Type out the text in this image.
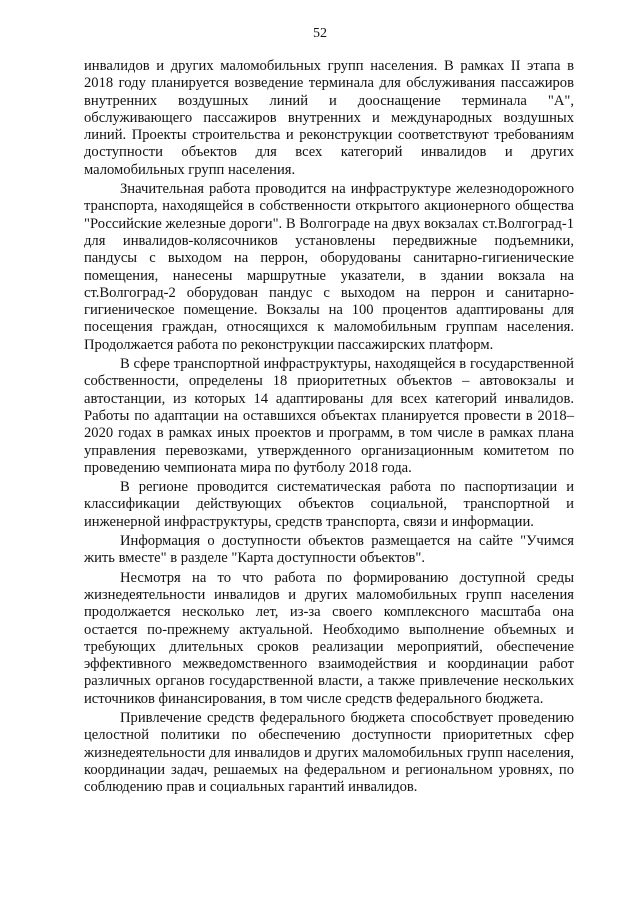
52

инвалидов и других маломобильных групп населения. В рамках II этапа в 2018 году планируется возведение терминала для обслуживания пассажиров внутренних воздушных линий и дооснащение терминала "А", обслуживающего пассажиров внутренних и международных воздушных линий. Проекты строительства и реконструкции соответствуют требованиям доступности объектов для всех категорий инвалидов и других маломобильных групп населения.

Значительная работа проводится на инфраструктуре железнодорожного транспорта, находящейся в собственности открытого акционерного общества "Российские железные дороги". В Волгограде на двух вокзалах ст.Волгоград-1 для инвалидов-колясочников установлены передвижные подъемники, пандусы с выходом на перрон, оборудованы санитарно-гигиенические помещения, нанесены маршрутные указатели, в здании вокзала на ст.Волгоград-2 оборудован пандус с выходом на перрон и санитарно-гигиеническое помещение. Вокзалы на 100 процентов адаптированы для посещения граждан, относящихся к маломобильным группам населения. Продолжается работа по реконструкции пассажирских платформ.

В сфере транспортной инфраструктуры, находящейся в государственной собственности, определены 18 приоритетных объектов – автовокзалы и автостанции, из которых 14 адаптированы для всех категорий инвалидов. Работы по адаптации на оставшихся объектах планируется провести в 2018–2020 годах в рамках иных проектов и программ, в том числе в рамках плана управления перевозками, утвержденного организационным комитетом по проведению чемпионата мира по футболу 2018 года.

В регионе проводится систематическая работа по паспортизации и классификации действующих объектов социальной, транспортной и инженерной инфраструктуры, средств транспорта, связи и информации.

Информация о доступности объектов размещается на сайте "Учимся жить вместе" в разделе "Карта доступности объектов".

Несмотря на то что работа по формированию доступной среды жизнедеятельности инвалидов и других маломобильных групп населения продолжается несколько лет, из-за своего комплексного масштаба она остается по-прежнему актуальной. Необходимо выполнение объемных и требующих длительных сроков реализации мероприятий, обеспечение эффективного межведомственного взаимодействия и координации работ различных органов государственной власти, а также привлечение нескольких источников финансирования, в том числе средств федерального бюджета.

Привлечение средств федерального бюджета способствует проведению целостной политики по обеспечению доступности приоритетных сфер жизнедеятельности для инвалидов и других маломобильных групп населения, координации задач, решаемых на федеральном и региональном уровнях, по соблюдению прав и социальных гарантий инвалидов.
